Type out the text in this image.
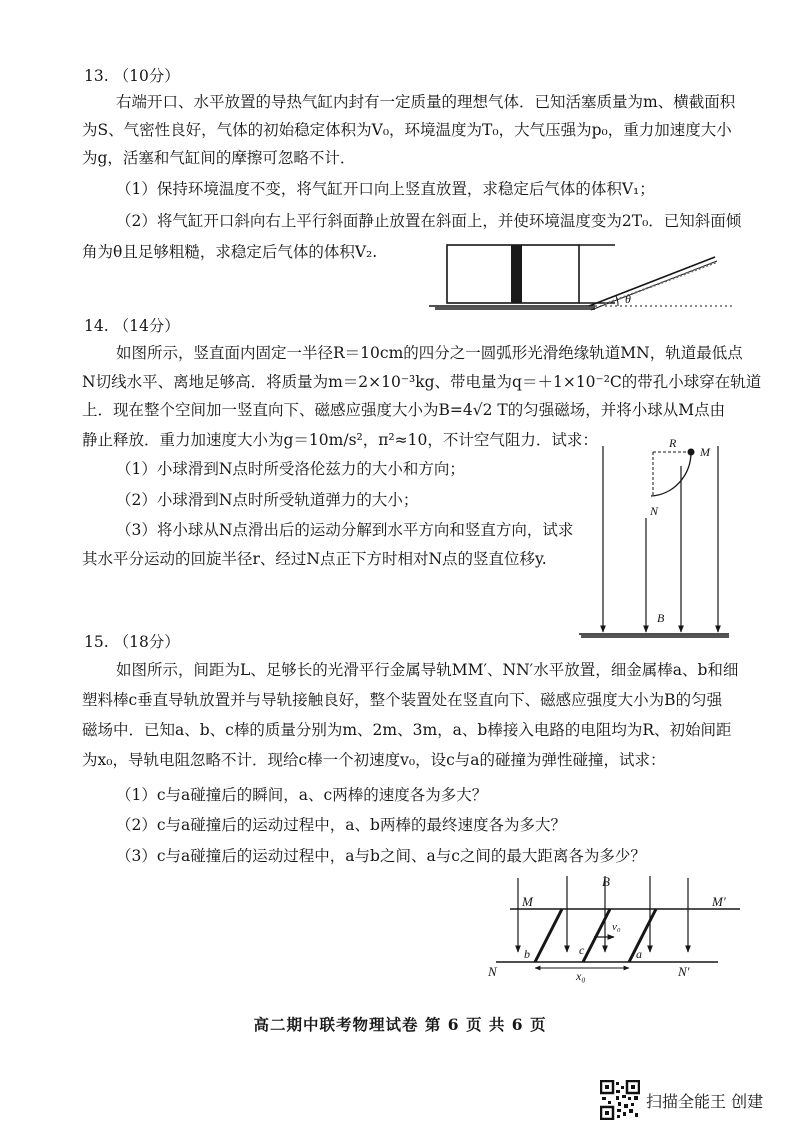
13. （10分）

右端开口、水平放置的导热气缸内封有一定质量的理想气体．已知活塞质量为m、横截面积

为S、气密性良好，气体的初始稳定体积为V₀，环境温度为T₀，大气压强为p₀，重力加速度大小

为g，活塞和气缸间的摩擦可忽略不计．

（1）保持环境温度不变，将气缸开口向上竖直放置，求稳定后气体的体积V₁；

（2）将气缸开口斜向右上平行斜面静止放置在斜面上，并使环境温度变为2T₀．已知斜面倾

角为θ且足够粗糙，求稳定后气体的体积V₂.

θ

14. （14分）

如图所示，竖直面内固定一半径R＝10cm的四分之一圆弧形光滑绝缘轨道MN，轨道最低点

N切线水平、离地足够高．将质量为m＝2×10⁻³kg、带电量为q＝＋1×10⁻²C的带孔小球穿在轨道

上．现在整个空间加一竖直向下、磁感应强度大小为B=4√2 T的匀强磁场，并将小球从M点由

静止释放．重力加速度大小为g＝10m/s²，π²≈10，不计空气阻力．试求：

（1）小球滑到N点时所受洛伦兹力的大小和方向；

（2）小球滑到N点时所受轨道弹力的大小；

（3）将小球从N点滑出后的运动分解到水平方向和竖直方向，试求

其水平分运动的回旋半径r、经过N点正下方时相对N点的竖直位移y.

R
M
N
B

15. （18分）

如图所示，间距为L、足够长的光滑平行金属导轨MM′、NN′水平放置，细金属棒a、b和细

塑料棒c垂直导轨放置并与导轨接触良好，整个装置处在竖直向下、磁感应强度大小为B的匀强

磁场中．已知a、b、c棒的质量分别为m、2m、3m，a、b棒接入电路的电阻均为R、初始间距

为x₀，导轨电阻忽略不计．现给c棒一个初速度v₀，设c与a的碰撞为弹性碰撞，试求：

（1）c与a碰撞后的瞬间，a、c两棒的速度各为多大？

（2）c与a碰撞后的运动过程中，a、b两棒的最终速度各为多大？

（3）c与a碰撞后的运动过程中，a与b之间、a与c之间的最大距离各为多少？

M	M′
N	N′
B
v₀
b	c	a
x₀
高二期中联考物理试卷 第 6 页 共 6 页
扫描全能王 创建
